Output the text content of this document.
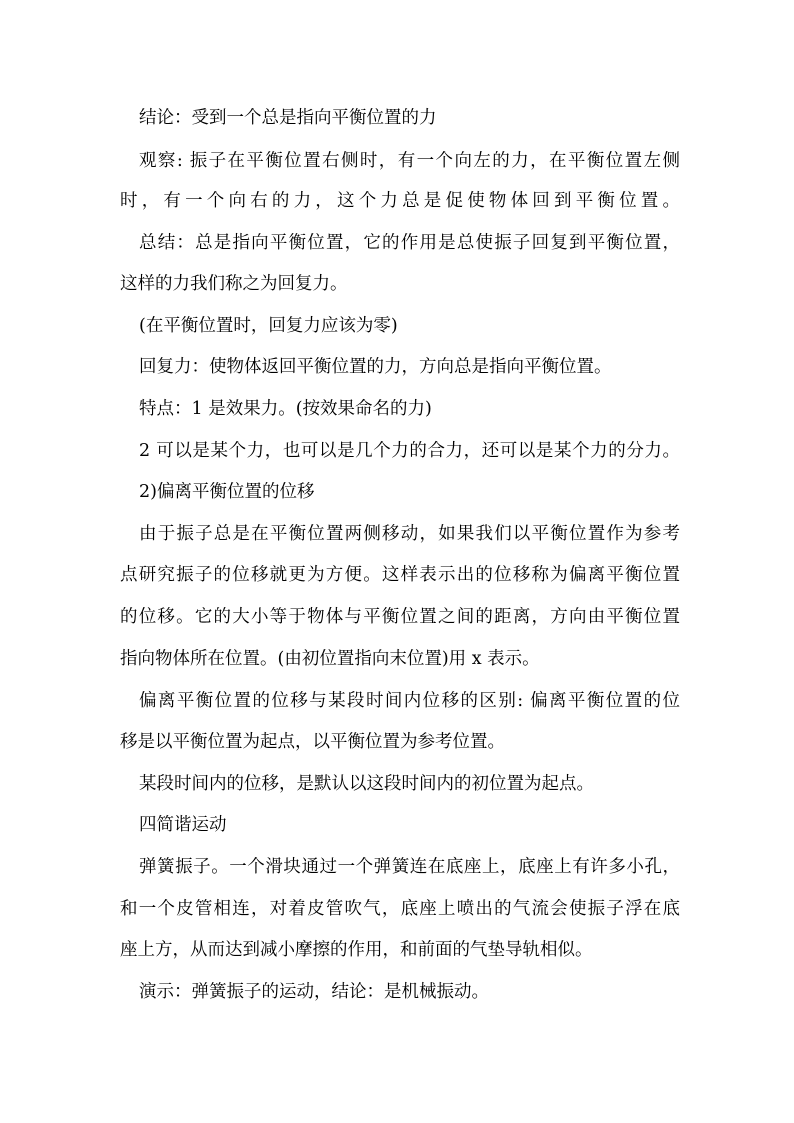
结论：受到一个总是指向平衡位置的力
观察: 振子在平衡位置右侧时，有一个向左的力，在平衡位置左侧
时，有一个向右的力，这个力总是促使物体回到平衡位置。
总结：总是指向平衡位置，它的作用是总使振子回复到平衡位置，
这样的力我们称之为回复力。
(在平衡位置时，回复力应该为零)
回复力：使物体返回平衡位置的力，方向总是指向平衡位置。
特点：1 是效果力。(按效果命名的力)
2 可以是某个力，也可以是几个力的合力，还可以是某个力的分力。
2)偏离平衡位置的位移
由于振子总是在平衡位置两侧移动，如果我们以平衡位置作为参考
点研究振子的位移就更为方便。这样表示出的位移称为偏离平衡位置
的位移。它的大小等于物体与平衡位置之间的距离，方向由平衡位置
指向物体所在位置。(由初位置指向末位置)用 x 表示。
偏离平衡位置的位移与某段时间内位移的区别: 偏离平衡位置的位
移是以平衡位置为起点，以平衡位置为参考位置。
某段时间内的位移，是默认以这段时间内的初位置为起点。
四简谐运动
弹簧振子。一个滑块通过一个弹簧连在底座上，底座上有许多小孔，
和一个皮管相连，对着皮管吹气，底座上喷出的气流会使振子浮在底
座上方，从而达到减小摩擦的作用，和前面的气垫导轨相似。
演示：弹簧振子的运动，结论：是机械振动。
